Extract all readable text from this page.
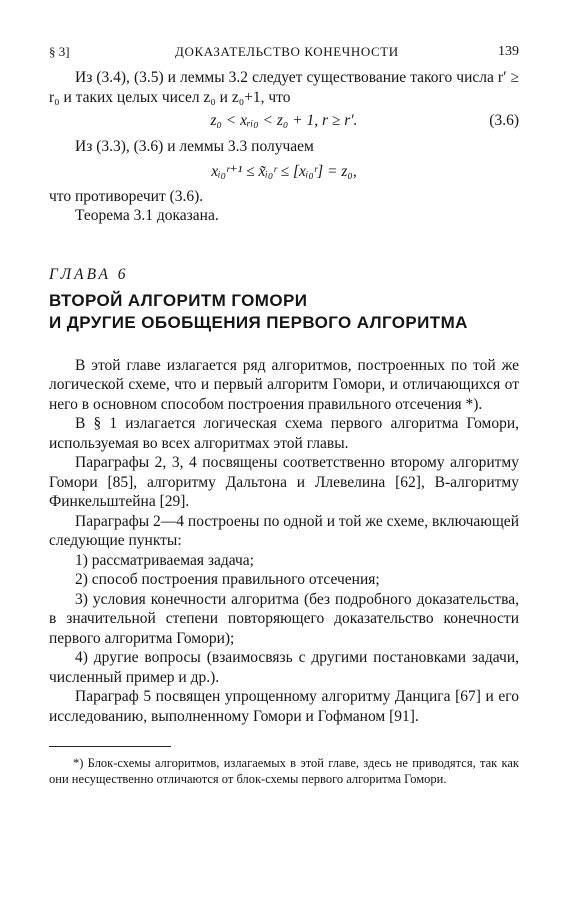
§ 3]	ДОКАЗАТЕЛЬСТВО КОНЕЧНОСТИ	139

Из (3.4), (3.5) и леммы 3.2 следует существование такого числа r′ ≥ r₀ и таких целых чисел z₀ и z₀+1, что

z₀ < xᵣᵢ₀ < z₀ + 1, r ≥ r′.	(3.6)

Из (3.3), (3.6) и леммы 3.3 получаем

xᵢ₀ʳ⁺¹ ≤ x̃ᵢ₀ʳ ≤ [xᵢ₀ʳ] = z₀,

что противоречит (3.6).

Теорема 3.1 доказана.

ГЛАВА 6
ВТОРОЙ АЛГОРИТМ ГОМОРИ
И ДРУГИЕ ОБОБЩЕНИЯ ПЕРВОГО АЛГОРИТМА

В этой главе излагается ряд алгоритмов, построенных по той же логической схеме, что и первый алгоритм Гомори, и отличающихся от него в основном способом построения правильного отсечения *).

В § 1 излагается логическая схема первого алгоритма Гомори, используемая во всех алгоритмах этой главы.

Параграфы 2, 3, 4 посвящены соответственно второму алгоритму Гомори [85], алгоритму Дальтона и Ллевелина [62], B-алгоритму Финкельштейна [29].

Параграфы 2—4 построены по одной и той же схеме, включающей следующие пункты:

1) рассматриваемая задача;

2) способ построения правильного отсечения;

3) условия конечности алгоритма (без подробного доказательства, в значительной степени повторяющего доказательство конечности первого алгоритма Гомори);

4) другие вопросы (взаимосвязь с другими постановками задачи, численный пример и др.).

Параграф 5 посвящен упрощенному алгоритму Данцига [67] и его исследованию, выполненному Гомори и Гофманом [91].

*) Блок-схемы алгоритмов, излагаемых в этой главе, здесь не приводятся, так как они несущественно отличаются от блок-схемы первого алгоритма Гомори.
